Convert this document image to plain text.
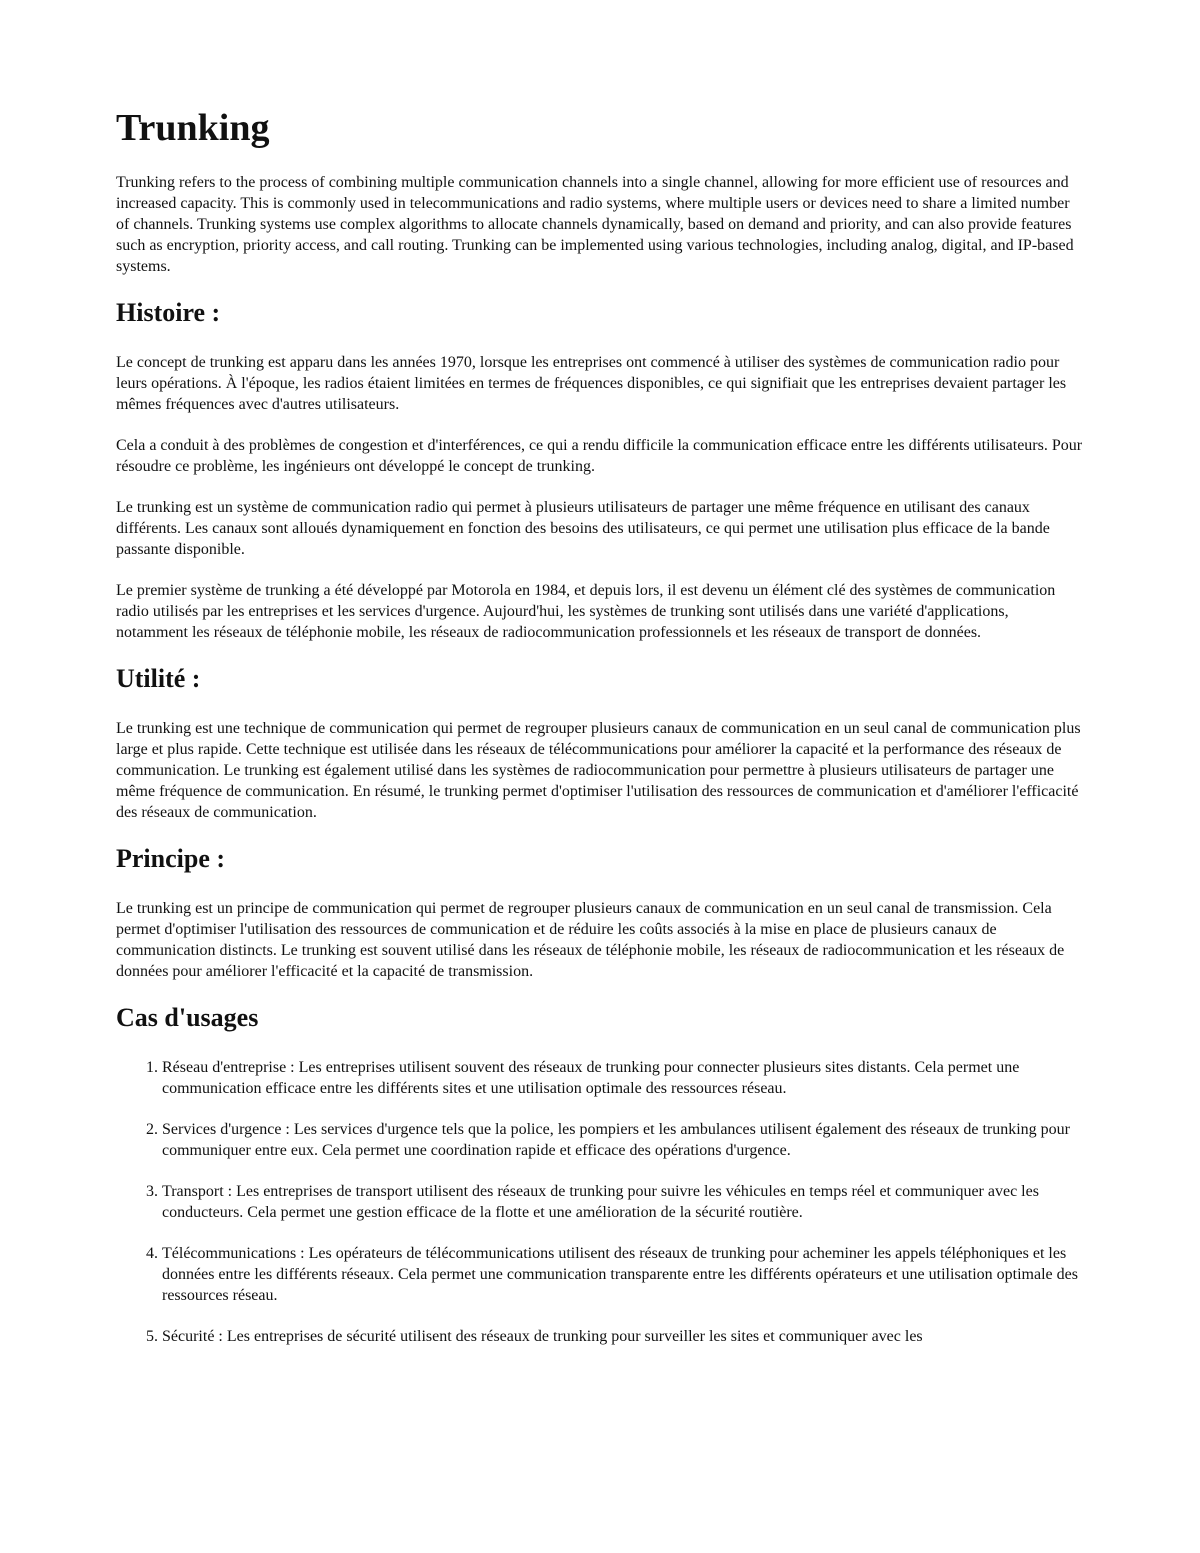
Trunking

Trunking refers to the process of combining multiple communication channels into a single channel, allowing for more efficient use of resources and increased capacity. This is commonly used in telecommunications and radio systems, where multiple users or devices need to share a limited number of channels. Trunking systems use complex algorithms to allocate channels dynamically, based on demand and priority, and can also provide features such as encryption, priority access, and call routing. Trunking can be implemented using various technologies, including analog, digital, and IP-based systems.

Histoire :

Le concept de trunking est apparu dans les années 1970, lorsque les entreprises ont commencé à utiliser des systèmes de communication radio pour leurs opérations. À l'époque, les radios étaient limitées en termes de fréquences disponibles, ce qui signifiait que les entreprises devaient partager les mêmes fréquences avec d'autres utilisateurs.

Cela a conduit à des problèmes de congestion et d'interférences, ce qui a rendu difficile la communication efficace entre les différents utilisateurs. Pour résoudre ce problème, les ingénieurs ont développé le concept de trunking.

Le trunking est un système de communication radio qui permet à plusieurs utilisateurs de partager une même fréquence en utilisant des canaux différents. Les canaux sont alloués dynamiquement en fonction des besoins des utilisateurs, ce qui permet une utilisation plus efficace de la bande passante disponible.

Le premier système de trunking a été développé par Motorola en 1984, et depuis lors, il est devenu un élément clé des systèmes de communication radio utilisés par les entreprises et les services d'urgence. Aujourd'hui, les systèmes de trunking sont utilisés dans une variété d'applications, notamment les réseaux de téléphonie mobile, les réseaux de radiocommunication professionnels et les réseaux de transport de données.

Utilité :

Le trunking est une technique de communication qui permet de regrouper plusieurs canaux de communication en un seul canal de communication plus large et plus rapide. Cette technique est utilisée dans les réseaux de télécommunications pour améliorer la capacité et la performance des réseaux de communication. Le trunking est également utilisé dans les systèmes de radiocommunication pour permettre à plusieurs utilisateurs de partager une même fréquence de communication. En résumé, le trunking permet d'optimiser l'utilisation des ressources de communication et d'améliorer l'efficacité des réseaux de communication.

Principe :

Le trunking est un principe de communication qui permet de regrouper plusieurs canaux de communication en un seul canal de transmission. Cela permet d'optimiser l'utilisation des ressources de communication et de réduire les coûts associés à la mise en place de plusieurs canaux de communication distincts. Le trunking est souvent utilisé dans les réseaux de téléphonie mobile, les réseaux de radiocommunication et les réseaux de données pour améliorer l'efficacité et la capacité de transmission.

Cas d'usages
1. Réseau d'entreprise : Les entreprises utilisent souvent des réseaux de trunking pour connecter plusieurs sites distants. Cela permet une communication efficace entre les différents sites et une utilisation optimale des ressources réseau.
2. Services d'urgence : Les services d'urgence tels que la police, les pompiers et les ambulances utilisent également des réseaux de trunking pour communiquer entre eux. Cela permet une coordination rapide et efficace des opérations d'urgence.
3. Transport : Les entreprises de transport utilisent des réseaux de trunking pour suivre les véhicules en temps réel et communiquer avec les conducteurs. Cela permet une gestion efficace de la flotte et une amélioration de la sécurité routière.
4. Télécommunications : Les opérateurs de télécommunications utilisent des réseaux de trunking pour acheminer les appels téléphoniques et les données entre les différents réseaux. Cela permet une communication transparente entre les différents opérateurs et une utilisation optimale des ressources réseau.
5. Sécurité : Les entreprises de sécurité utilisent des réseaux de trunking pour surveiller les sites et communiquer avec les
